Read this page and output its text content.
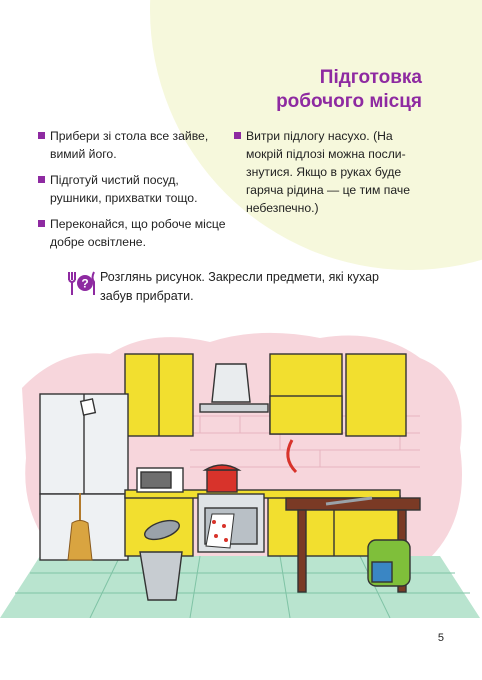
Підготовка
робочого місця
Прибери зі стола все зайве, вимий його.
Підготуй чистий посуд, рушники, прихватки тощо.
Переконайся, що робоче місце добре освітлене.
Витри підлогу насухо. (На мокрій підлозі можна послизнутися. Якщо в руках буде гаряча рідина — це тим паче небезпечно.)
? Розглянь рисунок. Закресли предмети, які кухар
забув прибрати.
5
